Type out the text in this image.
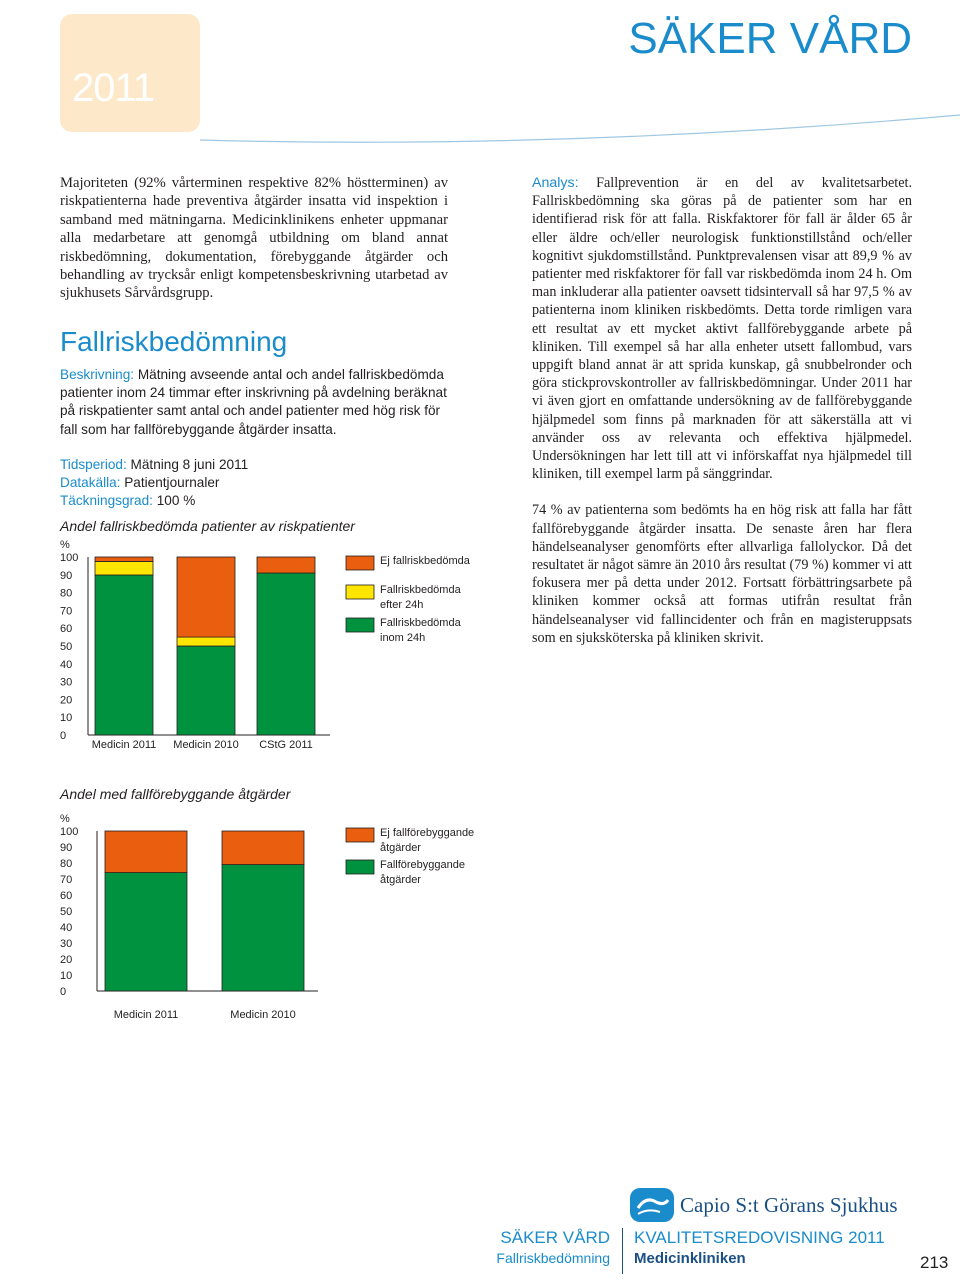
2011
SÄKER VÅRD
Majoriteten (92% vårterminen respektive 82% höstterminen) av riskpatienterna hade preventiva åtgärder insatta vid inspektion i samband med mätningarna. Medicinklinikens enheter uppmanar alla medarbetare att genomgå utbildning om bland annat riskbedömning, dokumentation, förebyggande åtgärder och behandling av trycksår enligt kompetensbeskrivning utarbetad av sjukhusets Sårvårdsgrupp.
Fallriskbedömning
Beskrivning: Mätning avseende antal och andel fallriskbedömda patienter inom 24 timmar efter inskrivning på avdelning beräknat på riskpatienter samt antal och andel patienter med hög risk för fall som har fallförebyggande åtgärder insatta.
Tidsperiod: Mätning 8 juni 2011
Datakälla: Patientjournaler
Täckningsgrad: 100 %
Andel fallriskbedömda patienter av riskpatienter
%
100
90
80
70
60
50
40
30
20
10
0
Medicin 2011 Medicin 2010 CStG 2011
Ej fallriskbedömda
Fallriskbedömda
efter 24h
Fallriskbedömda
inom 24h
Andel med fallförebyggande åtgärder
%
100
90
80
70
60
50
40
30
20
10
0
Medicin 2011	Medicin 2010
Ej fallförebyggande
åtgärder
Fallförebyggande
åtgärder

Analys: Fallprevention är en del av kvalitetsarbetet. Fallriskbedömning ska göras på de patienter som har en identifierad risk för att falla. Riskfaktorer för fall är ålder 65 år eller äldre och/eller neurologisk funktionstillstånd och/eller kognitivt sjukdomstillstånd. Punktprevalensen visar att 89,9 % av patienter med riskfaktorer för fall var riskbedömda inom 24 h. Om man inkluderar alla patienter oavsett tidsintervall så har 97,5 % av patienterna inom kliniken riskbedömts. Detta torde rimligen vara ett resultat av ett mycket aktivt fallförebyggande arbete på kliniken. Till exempel så har alla enheter utsett fallombud, vars uppgift bland annat är att sprida kunskap, gå snubbelronder och göra stickprovskontroller av fallriskbedömningar. Under 2011 har vi även gjort en omfattande undersökning av de fallförebyggande hjälpmedel som finns på marknaden för att säkerställa att vi använder oss av relevanta och effektiva hjälpmedel. Undersökningen har lett till att vi införskaffat nya hjälpmedel till kliniken, till exempel larm på sänggrindar.

74 % av patienterna som bedömts ha en hög risk att falla har fått fallförebyggande åtgärder insatta. De senaste åren har flera händelseanalyser genomförts efter allvarliga fallolyckor. Då det resultatet är något sämre än 2010 års resultat (79 %) kommer vi att fokusera mer på detta under 2012. Fortsatt förbättringsarbete på kliniken kommer också att formas utifrån resultat från händelseanalyser vid fallincidenter och från en magisteruppsats som en sjuksköterska på kliniken skrivit.

Capio S:t Görans Sjukhus
SÄKER VÅRD
Fallriskbedömning
KVALITETSREDOVISNING 2011
Medicinkliniken	213
